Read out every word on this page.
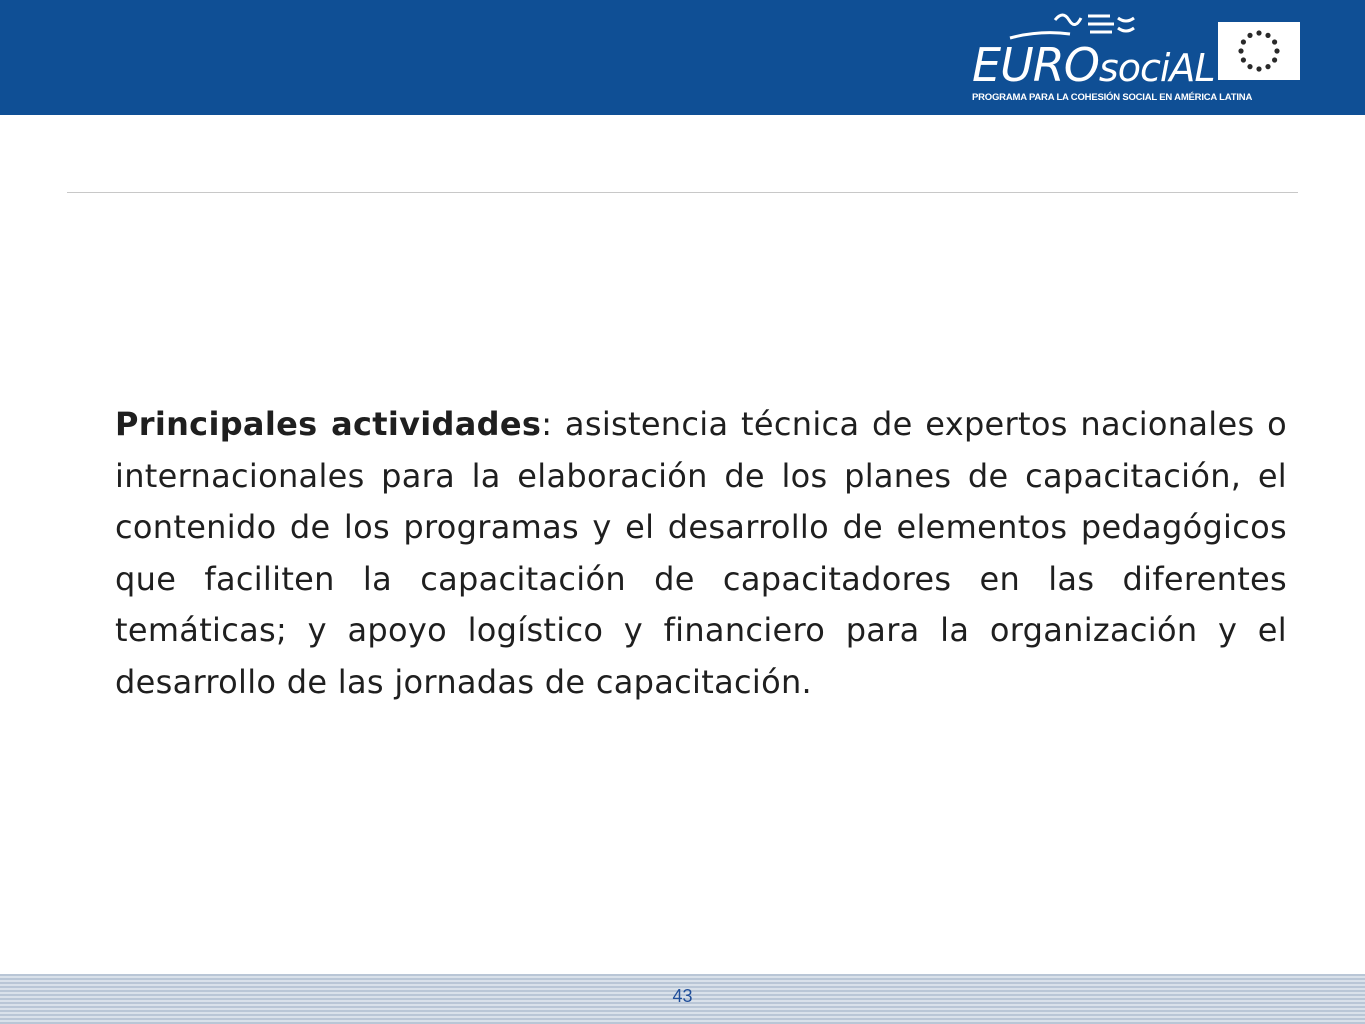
EUROsociAL
PROGRAMA PARA LA COHESIÓN SOCIAL EN AMÉRICA LATINA
Principales actividades: asistencia técnica de expertos nacionales o internacionales para la elaboración de los planes de capacitación, el contenido de los programas y el desarrollo de elementos pedagógicos que faciliten la capacitación de capacitadores en las diferentes temáticas; y apoyo logístico y financiero para la organización y el desarrollo de las jornadas de capacitación.
43
